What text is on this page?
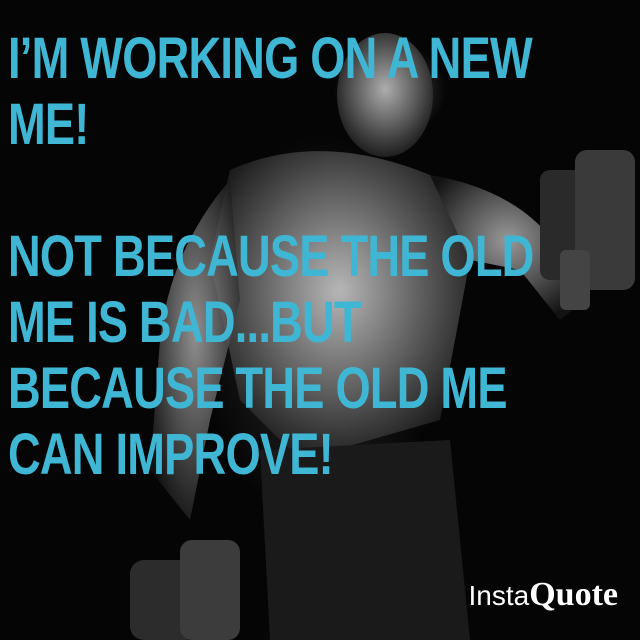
I’M WORKING ON A NEW
ME!
NOT BECAUSE THE OLD
ME IS BAD...BUT
BECAUSE THE OLD ME
CAN IMPROVE!
InstaQuote
